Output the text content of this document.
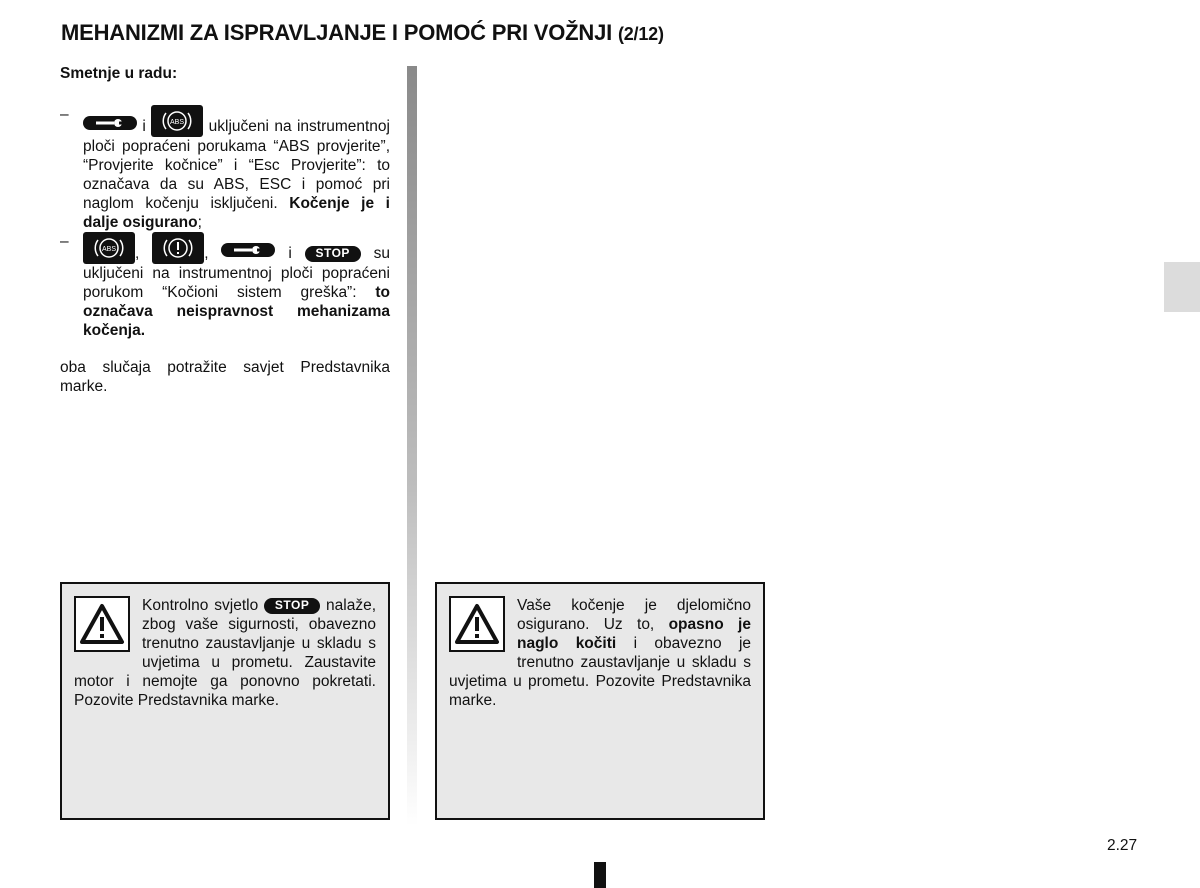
MEHANIZMI ZA ISPRAVLJANJE I POMOĆ PRI VOŽNJI (2/12)

Smetnje u radu:

–
i	ABS uključeni na instrumentnoj ploči popraćeni porukama “ABS provjerite”, “Provjerite kočnice” i “Esc Provjerite”: to označava da su ABS, ESC i pomoć pri naglom kočenju isključeni. Kočenje je i dalje osigurano;

–	ABS ,	,	i STOP su uključeni na instrumentnoj ploči popraćeni porukom “Kočioni sistem greška”: to označava neispravnost mehanizama kočenja.

oba slučaja potražite savjet Predstavnika marke.

Kontrolno svjetlo STOP nalaže, zbog vaše sigurnosti, obavezno trenutno zaustavljanje u skladu s uvjetima u prometu. Zaustavite motor i nemojte ga ponovno pokretati. Pozovite Predstavnika marke.

Vaše kočenje je djelomično osigurano. Uz to, opasno je naglo kočiti i obavezno je trenutno zaustavljanje u skladu s uvjetima u prometu. Pozovite Predstavnika marke.

2.27
